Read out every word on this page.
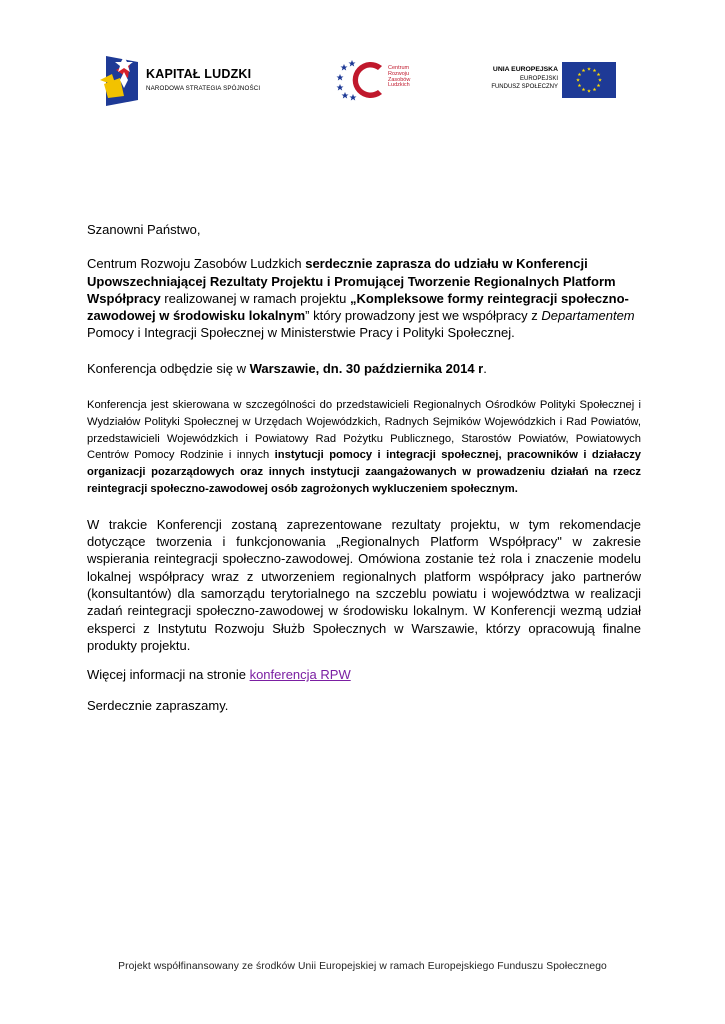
KAPITAŁ LUDZKI
NARODOWA STRATEGIA SPÓJNOŚCI
Centrum
Rozwoju
Zasobów
Ludzkich
UNIA EUROPEJSKA
EUROPEJSKI
FUNDUSZ SPOŁECZNY

Szanowni Państwo,

Centrum Rozwoju Zasobów Ludzkich serdecznie zaprasza do udziału w Konferencji Upowszechniającej Rezultaty Projektu i Promującej Tworzenie Regionalnych Platform Współpracy realizowanej w ramach projektu „Kompleksowe formy reintegracji społeczno-zawodowej w środowisku lokalnym” który prowadzony jest we współpracy z Departamentem Pomocy i Integracji Społecznej w Ministerstwie Pracy i Polityki Społecznej.

Konferencja odbędzie się w Warszawie, dn. 30 października 2014 r.

Konferencja jest skierowana w szczególności do przedstawicieli Regionalnych Ośrodków Polityki Społecznej i Wydziałów Polityki Społecznej w Urzędach Wojewódzkich, Radnych Sejmików Wojewódzkich i Rad Powiatów, przedstawicieli Wojewódzkich i Powiatowy Rad Pożytku Publicznego, Starostów Powiatów, Powiatowych Centrów Pomocy Rodzinie i innych instytucji pomocy i integracji społecznej, pracowników i działaczy organizacji pozarządowych oraz innych instytucji zaangażowanych w prowadzeniu działań na rzecz reintegracji społeczno-zawodowej osób zagrożonych wykluczeniem społecznym.

W trakcie Konferencji zostaną zaprezentowane rezultaty projektu, w tym rekomendacje dotyczące tworzenia i funkcjonowania „Regionalnych Platform Współpracy" w zakresie wspierania reintegracji społeczno-zawodowej. Omówiona zostanie też rola i znaczenie modelu lokalnej współpracy wraz z utworzeniem regionalnych platform współpracy jako partnerów (konsultantów) dla samorządu terytorialnego na szczeblu powiatu i województwa w realizacji zadań reintegracji społeczno-zawodowej w środowisku lokalnym. W Konferencji wezmą udział eksperci z Instytutu Rozwoju Służb Społecznych w Warszawie, którzy opracowują finalne produkty projektu.

Więcej informacji na stronie konferencja RPW

Serdecznie zapraszamy.

Projekt współfinansowany ze środków Unii Europejskiej w ramach Europejskiego Funduszu Społecznego
